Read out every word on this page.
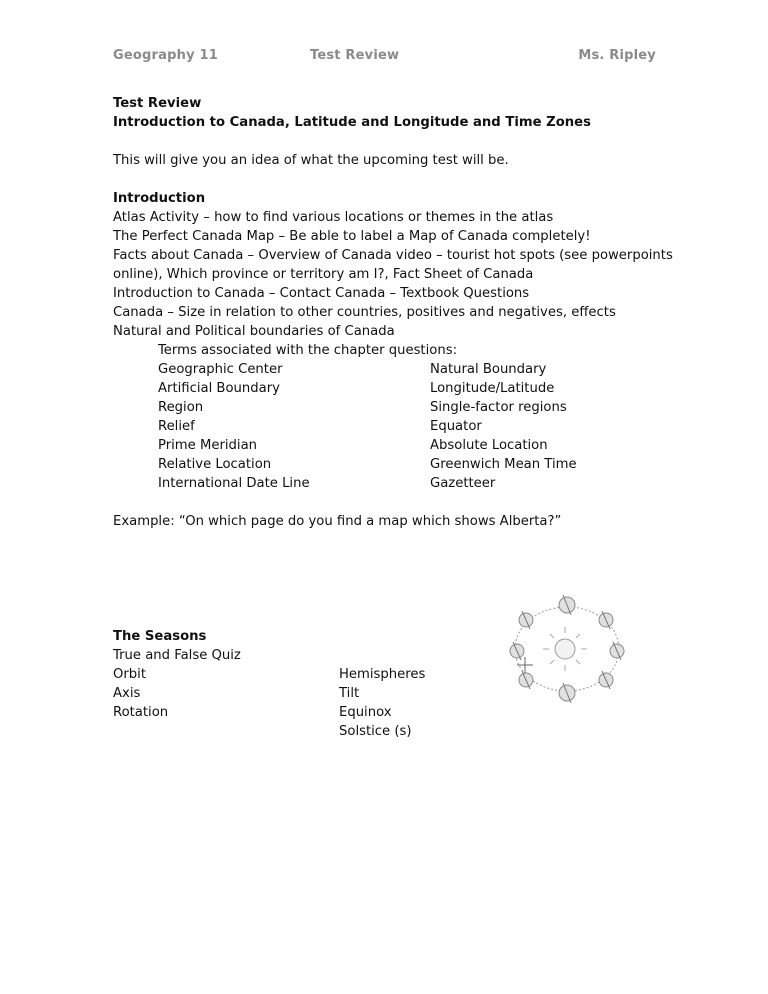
Geography 11	Test Review	Ms. Ripley
Test Review
Introduction to Canada, Latitude and Longitude and Time Zones
This will give you an idea of what the upcoming test will be.
Introduction
Atlas Activity – how to find various locations or themes in the atlas
The Perfect Canada Map – Be able to label a Map of Canada completely!
Facts about Canada – Overview of Canada video – tourist hot spots (see powerpoints
online), Which province or territory am I?, Fact Sheet of Canada
Introduction to Canada – Contact Canada – Textbook Questions
Canada – Size in relation to other countries, positives and negatives, effects
Natural and Political boundaries of Canada
Terms associated with the chapter questions:
Geographic Center	Natural Boundary
Artificial Boundary	Longitude/Latitude
Region	Single-factor regions
Relief	Equator
Prime Meridian	Absolute Location
Relative Location	Greenwich Mean Time
International Date Line	Gazetteer
Example: “On which page do you find a map which shows Alberta?”
The Seasons
True and False Quiz
Orbit
Axis
Rotation
Hemispheres
Tilt
Equinox
Solstice (s)
